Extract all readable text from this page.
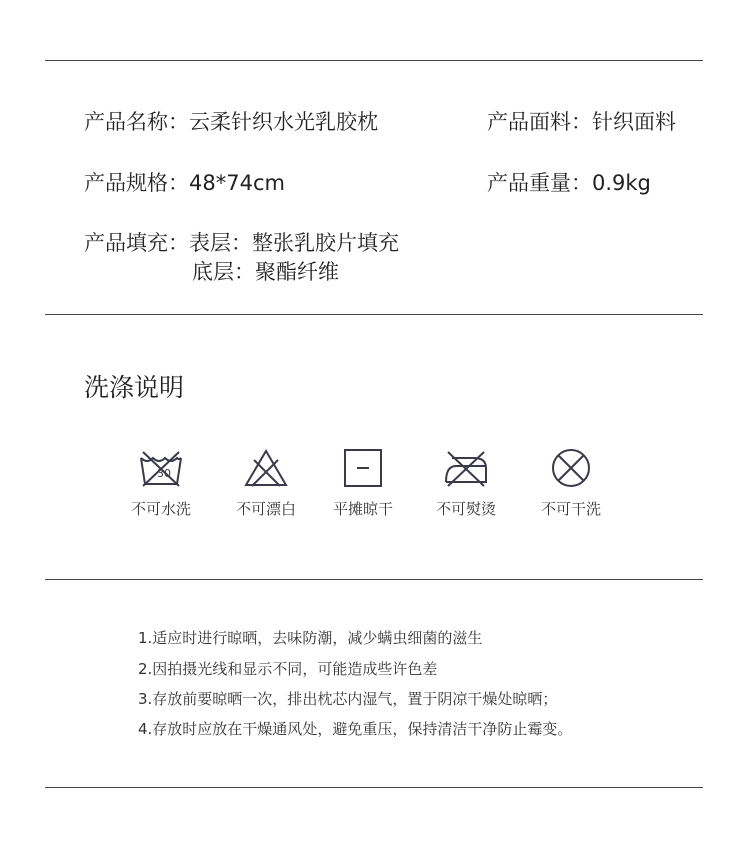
产品名称：云柔针织水光乳胶枕	产品面料：针织面料
产品规格：48*74cm	产品重量：0.9kg
产品填充：表层：整张乳胶片填充
底层：聚酯纤维
洗涤说明
30
不可水洗	不可漂白	平摊晾干	不可熨烫	不可干洗
1.适应时进行晾晒，去味防潮，减少螨虫细菌的滋生
2.因拍摄光线和显示不同，可能造成些许色差
3.存放前要晾晒一次，排出枕芯内湿气，置于阴凉干燥处晾晒；
4.存放时应放在干燥通风处，避免重压，保持清洁干净防止霉变。
